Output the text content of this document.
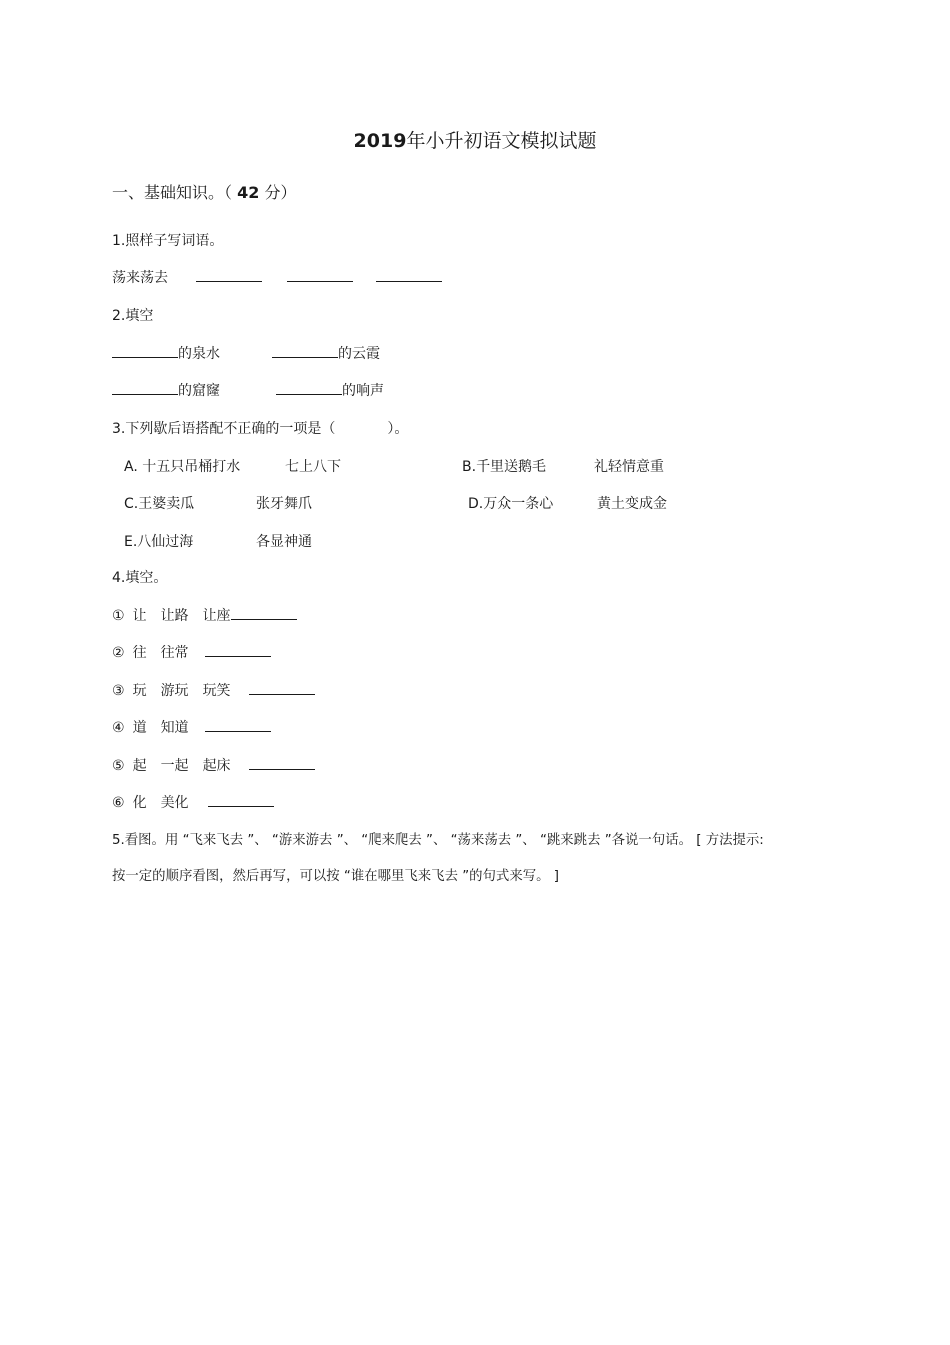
2019年小升初语文模拟试题
一、基础知识。（ 42 分）
1.照样子写词语。
荡来荡去
2.填空
的泉水	的云霞
的窟窿	的响声
3.下列歇后语搭配不正确的一项是（	）。
A. 十五只吊桶打水	七上八下	B.千里送鹅毛	礼轻情意重
C.王婆卖瓜	张牙舞爪	D.万众一条心	黄土变成金
E.八仙过海	各显神通
4.填空。
① 让 让路 让座
② 往 往常
③ 玩 游玩 玩笑
④ 道 知道
⑤ 起 一起 起床
⑥ 化 美化
5.看图。用 “飞来飞去 ”、 “游来游去 ”、 “爬来爬去 ”、 “荡来荡去 ”、 “跳来跳去 ”各说一句话。 [ 方法提示:
按一定的顺序看图，然后再写，可以按 “谁在哪里飞来飞去 ”的句式来写。 ]
